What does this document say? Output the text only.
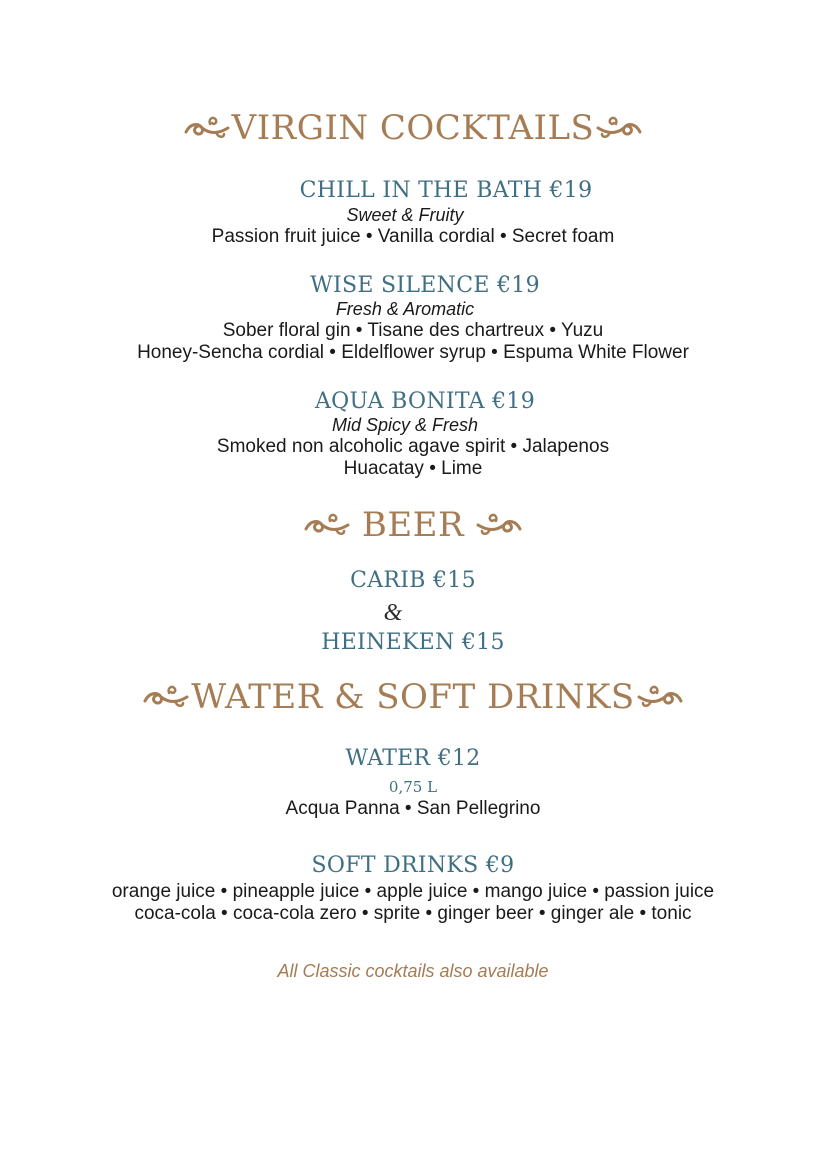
VIRGIN COCKTAILS
CHILL IN THE BATH €19
Sweet & Fruity
Passion fruit juice • Vanilla cordial • Secret foam
WISE SILENCE €19
Fresh & Aromatic
Sober floral gin • Tisane des chartreux • Yuzu
Honey-Sencha cordial • Eldelflower syrup • Espuma White Flower
AQUA BONITA €19
Mid Spicy & Fresh
Smoked non alcoholic agave spirit • Jalapenos
Huacatay • Lime
BEER
CARIB €15
&
HEINEKEN €15
WATER & SOFT DRINKS
WATER €12
0,75 L
Acqua Panna • San Pellegrino
SOFT DRINKS €9
orange juice • pineapple juice • apple juice • mango juice • passion juice
coca-cola • coca-cola zero • sprite • ginger beer • ginger ale • tonic
All Classic cocktails also available
